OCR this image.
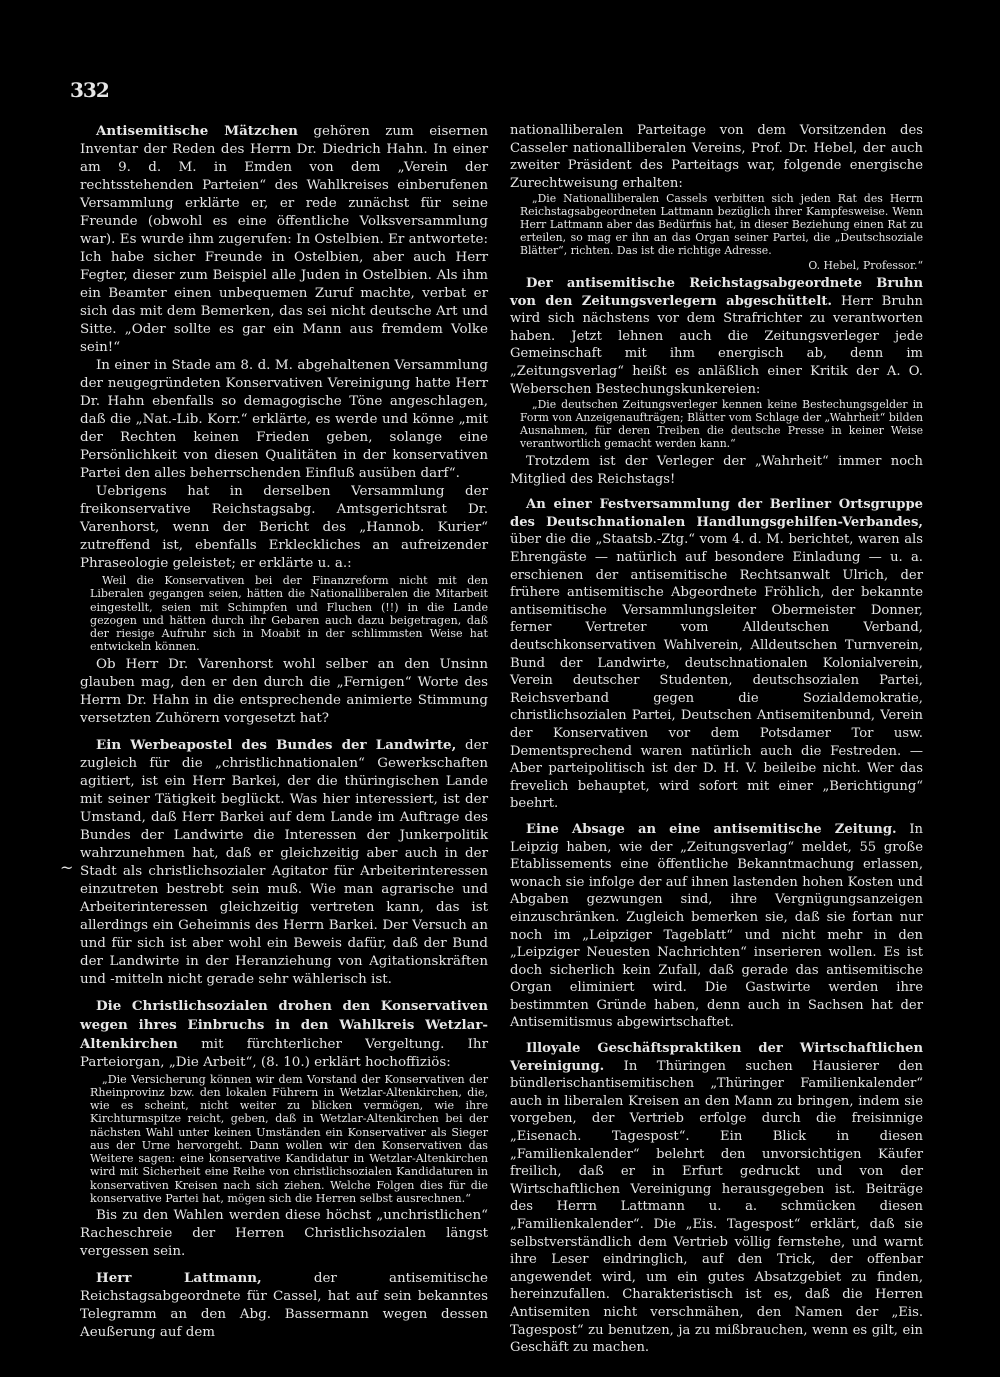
332
~

Antisemitische Mätzchen gehören zum eisernen Inventar der Reden des Herrn Dr. Diedrich Hahn. In einer am 9. d. M. in Emden von dem „Verein der rechtsstehenden Parteien“ des Wahlkreises einberufenen Versammlung erklärte er, er rede zunächst für seine Freunde (obwohl es eine öffentliche Volksversammlung war). Es wurde ihm zugerufen: In Ostelbien. Er antwortete: Ich habe sicher Freunde in Ostelbien, aber auch Herr Fegter, dieser zum Beispiel alle Juden in Ostelbien. Als ihm ein Beamter einen unbequemen Zuruf machte, verbat er sich das mit dem Bemerken, das sei nicht deutsche Art und Sitte. „Oder sollte es gar ein Mann aus fremdem Volke sein!“

In einer in Stade am 8. d. M. abgehaltenen Versammlung der neugegründeten Konservativen Vereinigung hatte Herr Dr. Hahn ebenfalls so demagogische Töne angeschlagen, daß die „Nat.-Lib. Korr.“ erklärte, es werde und könne „mit der Rechten keinen Frieden geben, solange eine Persönlichkeit von diesen Qualitäten in der konservativen Partei den alles beherrschenden Einfluß ausüben darf“.

Uebrigens hat in derselben Versammlung der freikonservative Reichstagsabg. Amtsgerichtsrat Dr. Varenhorst, wenn der Bericht des „Hannob. Kurier“ zutreffend ist, ebenfalls Erkleckliches an aufreizender Phraseologie geleistet; er erklärte u. a.:

Weil die Konservativen bei der Finanzreform nicht mit den Liberalen gegangen seien, hätten die Nationalliberalen die Mitarbeit eingestellt, seien mit Schimpfen und Fluchen (!!) in die Lande gezogen und hätten durch ihr Gebaren auch dazu beigetragen, daß der riesige Aufruhr sich in Moabit in der schlimmsten Weise hat entwickeln können.

Ob Herr Dr. Varenhorst wohl selber an den Unsinn glauben mag, den er den durch die „Fernigen“ Worte des Herrn Dr. Hahn in die entsprechende animierte Stimmung versetzten Zuhörern vorgesetzt hat?

Ein Werbeapostel des Bundes der Landwirte, der zugleich für die „christlichnationalen“ Gewerkschaften agitiert, ist ein Herr Barkei, der die thüringischen Lande mit seiner Tätigkeit beglückt. Was hier interessiert, ist der Umstand, daß Herr Barkei auf dem Lande im Auftrage des Bundes der Landwirte die Interessen der Junkerpolitik wahrzunehmen hat, daß er gleichzeitig aber auch in der Stadt als christlichsozialer Agitator für Arbeiterinteressen einzutreten bestrebt sein muß. Wie man agrarische und Arbeiterinteressen gleichzeitig vertreten kann, das ist allerdings ein Geheimnis des Herrn Barkei. Der Versuch an und für sich ist aber wohl ein Beweis dafür, daß der Bund der Landwirte in der Heranziehung von Agitationskräften und -mitteln nicht gerade sehr wählerisch ist.

Die Christlichsozialen drohen den Konservativen wegen ihres Einbruchs in den Wahlkreis Wetzlar-Altenkirchen mit fürchterlicher Vergeltung. Ihr Parteiorgan, „Die Arbeit“, (8. 10.) erklärt hochoffiziös:

„Die Versicherung können wir dem Vorstand der Konservativen der Rheinprovinz bzw. den lokalen Führern in Wetzlar-Altenkirchen, die, wie es scheint, nicht weiter zu blicken vermögen, wie ihre Kirchturmspitze reicht, geben, daß in Wetzlar-Altenkirchen bei der nächsten Wahl unter keinen Umständen ein Konservativer als Sieger aus der Urne hervorgeht. Dann wollen wir den Konservativen das Weitere sagen: eine konservative Kandidatur in Wetzlar-Altenkirchen wird mit Sicherheit eine Reihe von christlichsozialen Kandidaturen in konservativen Kreisen nach sich ziehen. Welche Folgen dies für die konservative Partei hat, mögen sich die Herren selbst ausrechnen.“

Bis zu den Wahlen werden diese höchst „unchristlichen“ Racheschreie der Herren Christlichsozialen längst vergessen sein.

Herr Lattmann,	der antisemitische Reichstagsabgeordnete für Cassel, hat auf sein bekanntes Telegramm an den Abg. Bassermann wegen dessen Aeußerung auf dem

nationalliberalen Parteitage von dem Vorsitzenden des Casseler nationalliberalen Vereins, Prof. Dr. Hebel, der auch zweiter Präsident des Parteitags war, folgende energische Zurechtweisung erhalten:

„Die Nationalliberalen Cassels verbitten sich jeden Rat des Herrn Reichstagsabgeordneten Lattmann bezüglich ihrer Kampfesweise. Wenn Herr Lattmann aber das Bedürfnis hat, in dieser Beziehung einen Rat zu erteilen, so mag er ihn an das Organ seiner Partei, die „Deutschsoziale Blätter“, richten. Das ist die richtige Adresse.

O. Hebel, Professor.“

Der antisemitische Reichstagsabgeordnete Bruhn von den Zeitungsverlegern abgeschüttelt. Herr Bruhn wird sich nächstens vor dem Strafrichter zu verantworten haben. Jetzt lehnen auch die Zeitungsverleger jede Gemeinschaft mit ihm energisch ab, denn im „Zeitungsverlag“ heißt es anläßlich einer Kritik der A. O. Weberschen Bestechungskunkereien:

„Die deutschen Zeitungsverleger kennen keine Bestechungsgelder in Form von Anzeigenaufträgen; Blätter vom Schlage der „Wahrheit“ bilden Ausnahmen, für deren Treiben die deutsche Presse in keiner Weise verantwortlich gemacht werden kann.“

Trotzdem ist der Verleger der „Wahrheit“ immer noch Mitglied des Reichstags!

An einer Festversammlung der Berliner Ortsgruppe des Deutschnationalen Handlungsgehilfen-Verbandes, über die die „Staatsb.-Ztg.“ vom 4. d. M. berichtet, waren als Ehrengäste — natürlich auf besondere Einladung — u. a. erschienen der antisemitische Rechtsanwalt Ulrich, der frühere antisemitische Abgeordnete Fröhlich, der bekannte antisemitische Versammlungsleiter Obermeister Donner, ferner Vertreter vom Alldeutschen Verband, deutschkonservativen Wahlverein, Alldeutschen Turnverein, Bund der Landwirte, deutschnationalen Kolonialverein, Verein deutscher Studenten, deutschsozialen Partei, Reichsverband gegen die Sozialdemokratie, christlichsozialen Partei, Deutschen Antisemitenbund, Verein der Konservativen vor dem Potsdamer Tor usw. Dementsprechend waren natürlich auch die Festreden. — Aber parteipolitisch ist der D. H. V. beileibe nicht. Wer das frevelich behauptet, wird sofort mit einer „Berichtigung“ beehrt.

Eine Absage an eine antisemitische Zeitung. In Leipzig haben, wie der „Zeitungsverlag“ meldet, 55 große Etablissements eine öffentliche Bekanntmachung erlassen, wonach sie infolge der auf ihnen lastenden hohen Kosten und Abgaben gezwungen sind, ihre Vergnügungsanzeigen einzuschränken. Zugleich bemerken sie, daß sie fortan nur noch im „Leipziger Tageblatt“ und nicht mehr in den „Leipziger Neuesten Nachrichten“ inserieren wollen. Es ist doch sicherlich kein Zufall, daß gerade das antisemitische Organ eliminiert wird. Die Gastwirte werden ihre bestimmten Gründe haben, denn auch in Sachsen hat der Antisemitismus abgewirtschaftet.

Illoyale Geschäftspraktiken der Wirtschaftlichen Vereinigung. In Thüringen suchen Hausierer den bündlerischantisemitischen „Thüringer Familienkalender“ auch in liberalen Kreisen an den Mann zu bringen, indem sie vorgeben, der Vertrieb erfolge durch die freisinnige „Eisenach. Tagespost“. Ein Blick in diesen „Familienkalender“ belehrt den unvorsichtigen Käufer freilich, daß er in Erfurt gedruckt und von der Wirtschaftlichen Vereinigung herausgegeben ist. Beiträge des Herrn Lattmann u. a. schmücken diesen „Familienkalender“. Die „Eis. Tagespost“ erklärt, daß sie selbstverständlich dem Vertrieb völlig fernstehe, und warnt ihre Leser eindringlich, auf den Trick, der offenbar angewendet wird, um ein gutes Absatzgebiet zu finden, hereinzufallen. Charakteristisch ist es, daß die Herren Antisemiten nicht verschmähen, den Namen der „Eis. Tagespost“ zu benutzen, ja zu mißbrauchen, wenn es gilt, ein Geschäft zu machen.
